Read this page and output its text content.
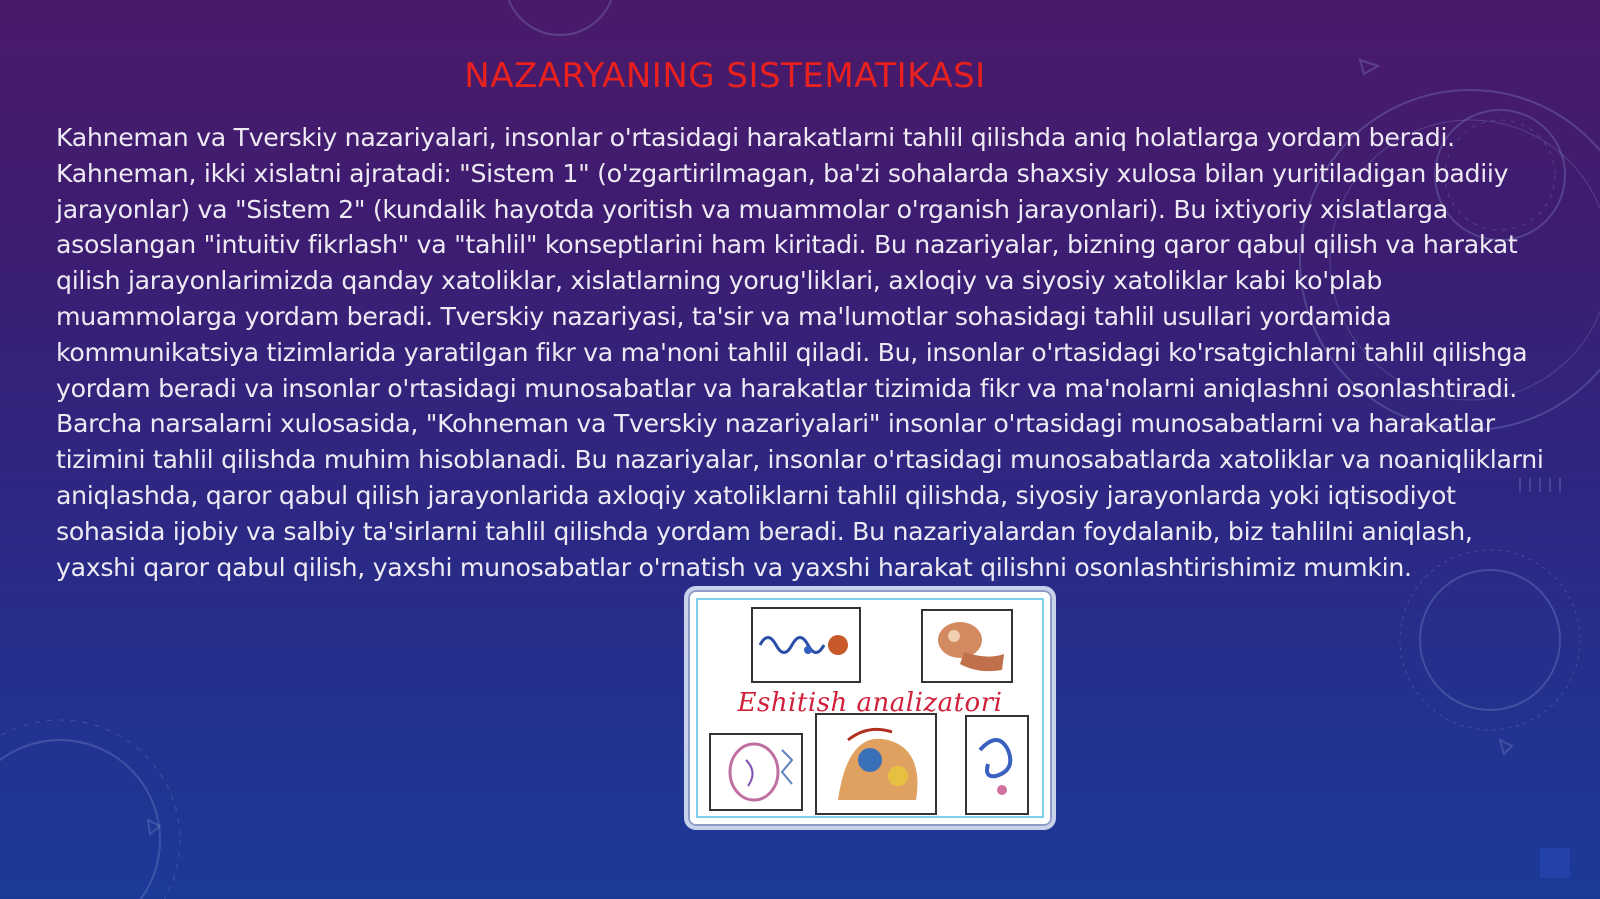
NAZARYANING SISTEMATIKASI

Kahneman va Tverskiy nazariyalari, insonlar o'rtasidagi harakatlarni tahlil qilishda aniq holatlarga yordam beradi. Kahneman, ikki xislatni ajratadi: "Sistem 1" (o'zgartirilmagan, ba'zi sohalarda shaxsiy xulosa bilan yuritiladigan badiiy jarayonlar) va "Sistem 2" (kundalik hayotda yoritish va muammolar o'rganish jarayonlari). Bu ixtiyoriy xislatlarga asoslangan "intuitiv fikrlash" va "tahlil" konseptlarini ham kiritadi. Bu nazariyalar, bizning qaror qabul qilish va harakat qilish jarayonlarimizda qanday xatoliklar, xislatlarning yorug'liklari, axloqiy va siyosiy xatoliklar kabi ko'plab muammolarga yordam beradi. Tverskiy nazariyasi, ta'sir va ma'lumotlar sohasidagi tahlil usullari yordamida kommunikatsiya tizimlarida yaratilgan fikr va ma'noni tahlil qiladi. Bu, insonlar o'rtasidagi ko'rsatgichlarni tahlil qilishga yordam beradi va insonlar o'rtasidagi munosabatlar va harakatlar tizimida fikr va ma'nolarni aniqlashni osonlashtiradi. Barcha narsalarni xulosasida, "Kohneman va Tverskiy nazariyalari" insonlar o'rtasidagi munosabatlarni va harakatlar tizimini tahlil qilishda muhim hisoblanadi. Bu nazariyalar, insonlar o'rtasidagi munosabatlarda xatoliklar va noaniqliklarni aniqlashda, qaror qabul qilish jarayonlarida axloqiy xatoliklarni tahlil qilishda, siyosiy jarayonlarda yoki iqtisodiyot sohasida ijobiy va salbiy ta'sirlarni tahlil qilishda yordam beradi. Bu nazariyalardan foydalanib, biz tahlilni aniqlash, yaxshi qaror qabul qilish, yaxshi munosabatlar o'rnatish va yaxshi harakat qilishni osonlashtirishimiz mumkin.

Eshitish analizatori
